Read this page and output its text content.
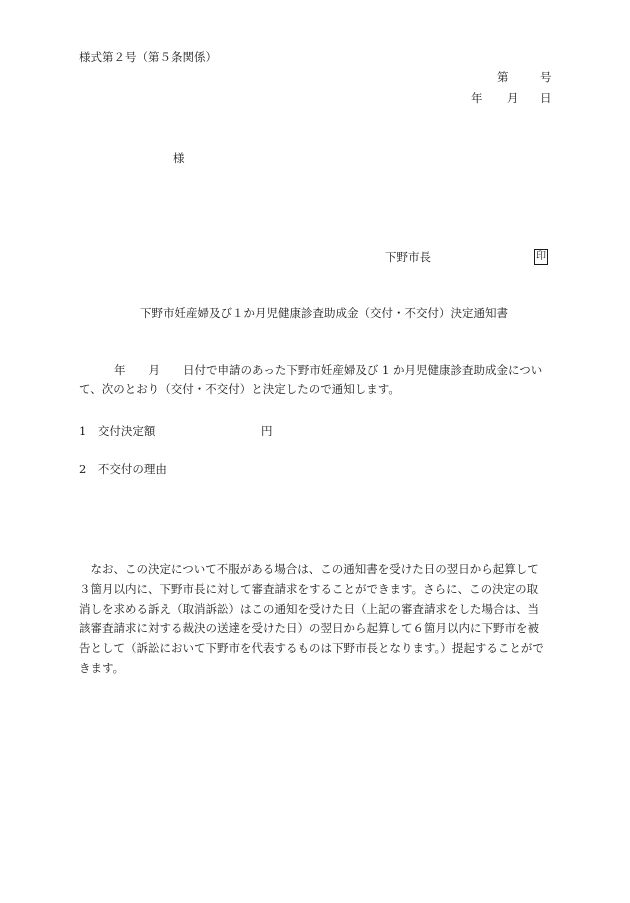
様式第２号（第５条関係）
第	号
年 月 日
様
下野市長	印
下野市妊産婦及び１か月児健康診査助成金（交付・不交付）決定通知書
年　　月　　日付で申請のあった下野市妊産婦及び 1 か月児健康診査助成金につい
て、次のとおり（交付・不交付）と決定したので通知します。
1　交付決定額	円
2　不交付の理由
　なお、この決定について不服がある場合は、この通知書を受けた日の翌日から起算して
３箇月以内に、下野市長に対して審査請求をすることができます。さらに、この決定の取
消しを求める訴え（取消訴訟）はこの通知を受けた日（上記の審査請求をした場合は、当
該審査請求に対する裁決の送達を受けた日）の翌日から起算して６箇月以内に下野市を被
告として（訴訟において下野市を代表するものは下野市長となります。）提起することがで
きます。
